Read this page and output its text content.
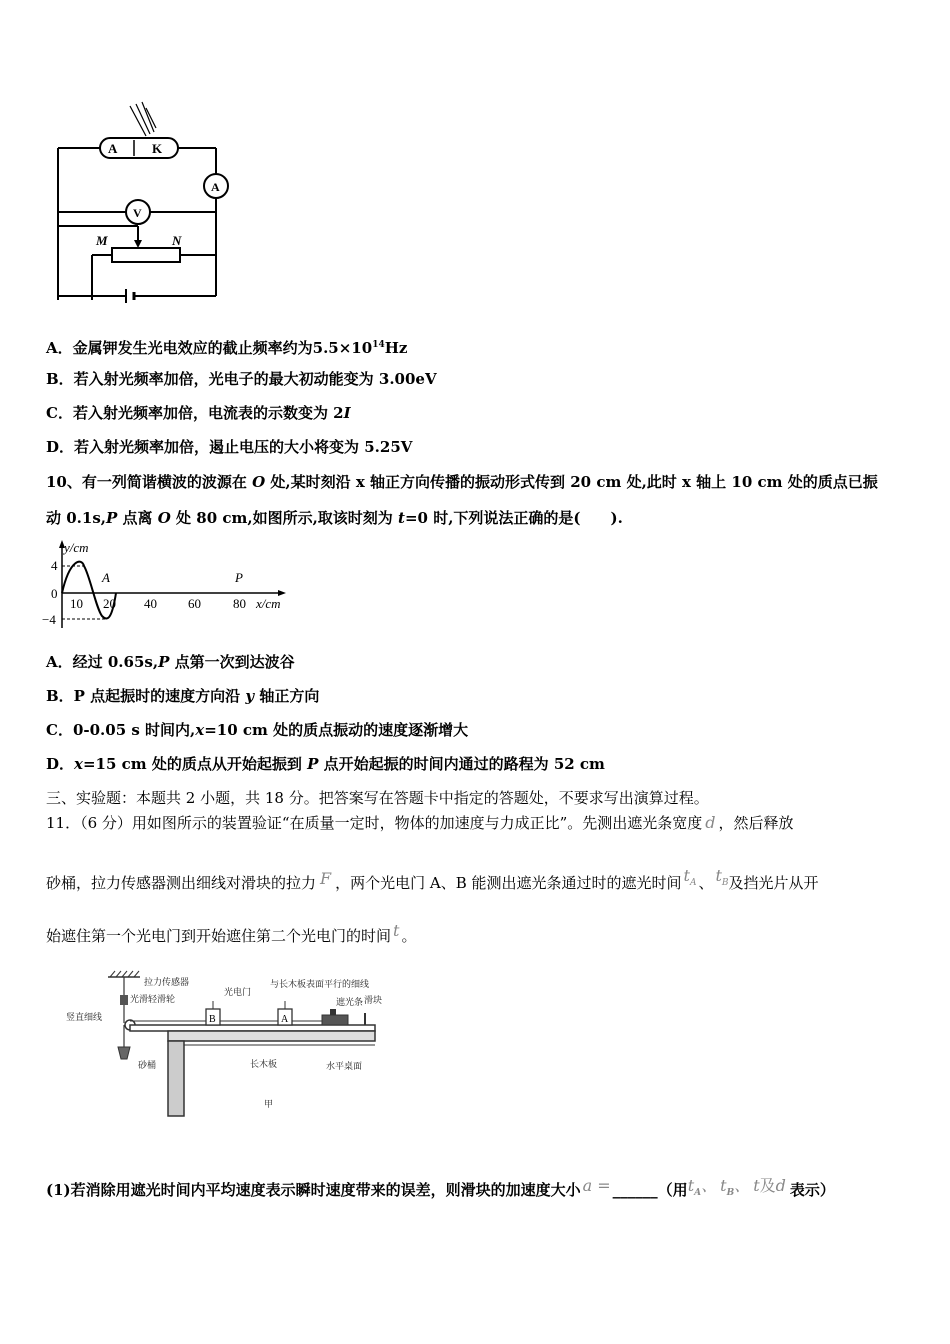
A	K
A
V
M	N
A．金属钾发生光电效应的截止频率约为$5.5\times 10^{14}Hz$
B．若入射光频率加倍，光电子的最大初动能变为 3.00eV
C．若入射光频率加倍，电流表的示数变为 2I
D．若入射光频率加倍，遏止电压的大小将变为 5.25V
10、有一列简谐横波的波源在 O 处,某时刻沿 x 轴正方向传播的振动形式传到 20 cm 处,此时 x 轴上 10 cm 处的质点已振
动 0.1s,P 点离 O 处 80 cm,如图所示,取该时刻为 t=0 时,下列说法正确的是(　　).
y/cm
4
0
−4
10 20 40 60 80
A	P
x/cm
A．经过 0.65s,P 点第一次到达波谷
B．P 点起振时的速度方向沿 y 轴正方向
C．0-0.05 s 时间内,x=10 cm 处的质点振动的速度逐渐增大
D．x=15 cm 处的质点从开始起振到 P 点开始起振的时间内通过的路程为 52 cm
三、实验题：本题共 2 小题，共 18 分。把答案写在答题卡中指定的答题处，不要求写出演算过程。
11．（6 分）用如图所示的装置验证“在质量一定时，物体的加速度与力成正比”。先测出遮光条宽度 d ，然后释放
砂桶，拉力传感器测出细线对滑块的拉力 F ，两个光电门 A、B 能测出遮光条通过时的遮光时间 $t^A$ 、 $t^B$及挡光片从开
始遮住第一个光电门到开始遮住第二个光电门的时间 t 。
拉力传感器
光滑轻滑轮
竖直细线
砂桶
光电门
与长木板表面平行的细线
遮光条 滑块
长木板	水平桌面
甲
B	A
(1)若消除用遮光时间内平均速度表示瞬时速度带来的误差，则滑块的加速度大小 a = ______（用tA、 tB、 t及d 表示）
